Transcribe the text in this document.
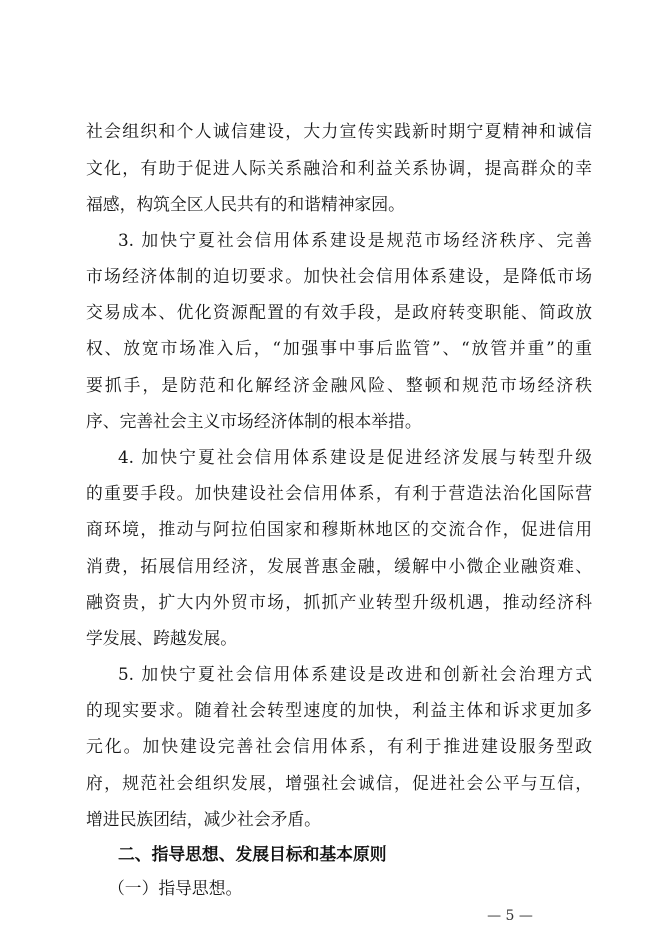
社会组织和个人诚信建设，大力宣传实践新时期宁夏精神和诚信
文化，有助于促进人际关系融洽和利益关系协调，提高群众的幸
福感，构筑全区人民共有的和谐精神家园。
3. 加快宁夏社会信用体系建设是规范市场经济秩序、完善
市场经济体制的迫切要求。加快社会信用体系建设，是降低市场
交易成本、优化资源配置的有效手段，是政府转变职能、简政放
权、放宽市场准入后，“加强事中事后监管”、“放管并重”的重
要抓手，是防范和化解经济金融风险、整顿和规范市场经济秩
序、完善社会主义市场经济体制的根本举措。
4. 加快宁夏社会信用体系建设是促进经济发展与转型升级
的重要手段。加快建设社会信用体系，有利于营造法治化国际营
商环境，推动与阿拉伯国家和穆斯林地区的交流合作，促进信用
消费，拓展信用经济，发展普惠金融，缓解中小微企业融资难、
融资贵，扩大内外贸市场，抓抓产业转型升级机遇，推动经济科
学发展、跨越发展。
5. 加快宁夏社会信用体系建设是改进和创新社会治理方式
的现实要求。随着社会转型速度的加快，利益主体和诉求更加多
元化。加快建设完善社会信用体系，有利于推进建设服务型政
府，规范社会组织发展，增强社会诚信，促进社会公平与互信，
增进民族团结，减少社会矛盾。
二、指导思想、发展目标和基本原则
（一）指导思想。
— 5 —
